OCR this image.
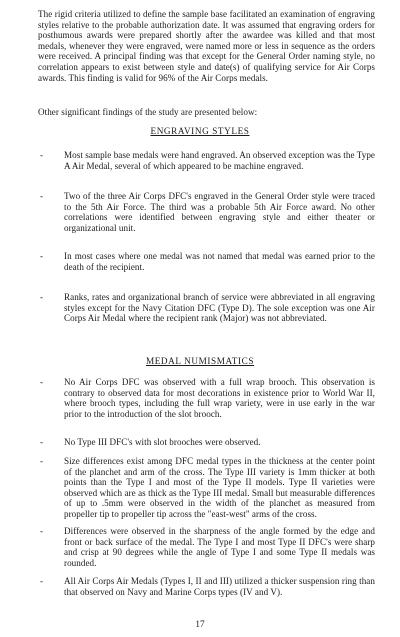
The rigid criteria utilized to define the sample base facilitated an examination of engraving styles relative to the probable authorization date. It was assumed that engraving orders for posthumous awards were prepared shortly after the awardee was killed and that most medals, whenever they were engraved, were named more or less in sequence as the orders were received. A principal finding was that except for the General Order naming style, no correlation appears to exist between style and date(s) of qualifying service for Air Corps awards. This finding is valid for 96% of the Air Corps medals.
Other significant findings of the study are presented below:
ENGRAVING STYLES
- Most sample base medals were hand engraved. An observed exception was the Type A Air Medal, several of which appeared to be machine engraved.
- Two of the three Air Corps DFC's engraved in the General Order style were traced to the 5th Air Force. The third was a probable 5th Air Force award. No other correlations were identified between engraving style and either theater or organizational unit.
- In most cases where one medal was not named that medal was earned prior to the death of the recipient.
- Ranks, rates and organizational branch of service were abbreviated in all engraving styles except for the Navy Citation DFC (Type D). The sole exception was one Air Corps Air Medal where the recipient rank (Major) was not abbreviated.
MEDAL NUMISMATICS
- No Air Corps DFC was observed with a full wrap brooch. This observation is contrary to observed data for most decorations in existence prior to World War II, where brooch types, including the full wrap variety, were in use early in the war prior to the introduction of the slot brooch.
- No Type III DFC's with slot brooches were observed.
- Size differences exist among DFC medal types in the thickness at the center point of the planchet and arm of the cross. The Type III variety is 1mm thicker at both points than the Type I and most of the Type II models. Type II varieties were observed which are as thick as the Type III medal. Small but measurable differences of up to .5mm were observed in the width of the planchet as measured from propeller tip to propeller tip across the "east-west" arms of the cross.
- Differences were observed in the sharpness of the angle formed by the edge and front or back surface of the medal. The Type I and most Type II DFC's were sharp and crisp at 90 degrees while the angle of Type I and some Type II medals was rounded.
- All Air Corps Air Medals (Types I, II and III) utilized a thicker suspension ring than that observed on Navy and Marine Corps types (IV and V).
17
